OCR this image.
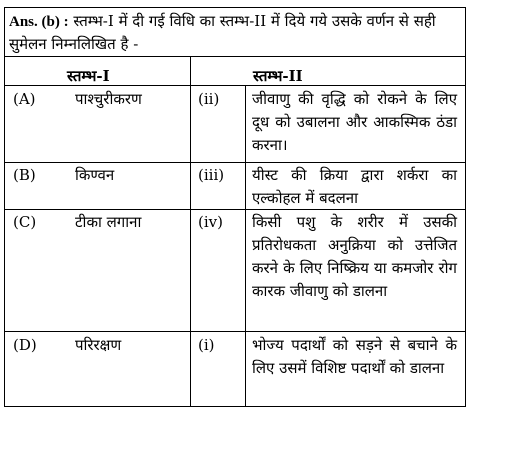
Ans. (b) : स्तम्भ-I में दी गई विधि का स्तम्भ-II में दिये गये उसके वर्णन से सही सुमेलन निम्नलिखित है -
स्तम्भ-I	स्तम्भ-II
(A)	पाश्चुरीकरण	(ii) जीवाणु की वृद्धि को रोकने के लिए दूध को उबालना और आकस्मिक ठंडा करना।
(B)	किण्वन	(iii) यीस्ट की क्रिया द्वारा शर्करा का एल्कोहल में बदलना
(C)	टीका लगाना	(iv) किसी पशु के शरीर में उसकी प्रतिरोधकता अनुक्रिया को उत्तेजित करने के लिए निष्क्रिय या कमजोर रोग कारक जीवाणु को डालना
(D)	परिरक्षण	(i) भोज्य पदार्थों को सड़ने से बचाने के लिए उसमें विशिष्ट पदार्थों को डालना
